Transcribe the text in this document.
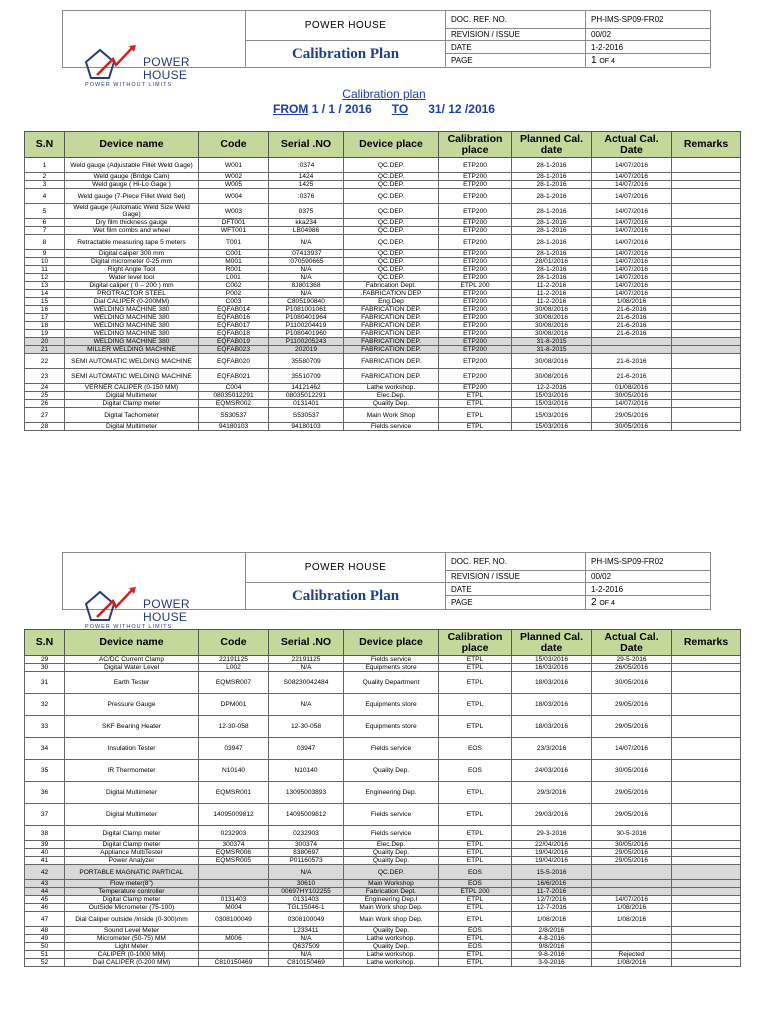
POWER
HOUSE
POWER WITHOUT LIMITS	POWER HOUSE	DOC. REF. NO.	PH-IMS-SP09-FR02
		REVISION / ISSUE	00/02
	Calibration Plan	DATE	1-2-2016
		PAGE	1 OF 4
Calibration plan
FROM 1 / 1 / 2016 TO 31/ 12 /2016
S.N	Device name	Code	Serial .NO	Device place	Calibration place	Planned Cal. date	Actual Cal. Date	Remarks
1	Weld gauge (Adjustable Fillet Weld Gage)	W001	:0374	QC.DEP.	ETP200	28-1-2016	14/07/2016	
2	Weld gauge (Bridge Cam)	W002	1424	QC.DEP.	ETP200	28-1-2016	14/07/2016	
3	Weld gauge ( Hi-Lo Gage )	W005	1425	QC.DEP.	ETP200	28-1-2016	14/07/2016	
4	Weld gauge (7-Piece Fillet Weld Set)	W004	:0376	QC.DEP.	ETP200	28-1-2016	14/07/2016	
5	Weld gauge (Automatic Weld Size Weld Gage)	W003	0375	QC.DEP.	ETP200	28-1-2016	14/07/2016	
6	Dry film thickness gauge	DFT001	kka234	QC.DEP.	ETP200	28-1-2016	14/07/2016	
7	Wet film combs and wheel	WFT001	LB04986	QC.DEP.	ETP200	28-1-2016	14/07/2016	
8	Retractable measuring tape 5 meters	T001	N/A	QC.DEP.	ETP200	28-1-2016	14/07/2016	
9	Digital caliper 300 mm	C001	:07413937	QC.DEP.	ETP200	28-1-2016	14/07/2016	
10	Digital micrometer 0-25 mm	M001	:070590665	QC.DEP.	ETP200	28/01/2016	14/07/2016	
11	Right Angle Tool	R001	N/A	QC.DEP.	ETP200	28-1-2016	14/07/2016	
12	Water level tool	L001	N/A	QC.DEP.	ETP200	28-1-2016	14/07/2016	
13	Digital caliper ( 0 – 200 ) mm	C002	8J801368	Fabrication Dept.	ETPL 200	11-2-2016	14/07/2016	
14	PROTRACTOR STEEL	P002	N/A	.FABRICATION DEP	ETP200	11-2-2016	14/07/2016	
15	Dial CALIPER (0-200MM)	C003	C805190840	Eng.Dep	ETP200	11-2-2016	1/08/2016	
16	WELDING MACHINE 380	EQFAB014	P1081001061	FABRICATION DEP.	ETP200	30/08/2016	21-6-2016	
17	WELDING MACHINE 380	EQFAB016	P1080401964	FABRICATION DEP.	ETP200	30/08/2016	21-6-2016	
18	WELDING MACHINE 380	EQFAB017	P1100204419	FABRICATION DEP.	ETP200	30/08/2016	21-6-2016	
19	WELDING MACHINE 380	EQFAB018	P1080401960	FABRICATION DEP.	ETP200	30/08/2016	21-6-2016	
20	WELDING MACHINE 380	EQFAB019	P1100205243	FABRICATION DEP.	ETP200	31-8-2015		
21	MILLER WELDING MACHINE	EQFAB023	202019	FABRICATION DEP.	ETP200	31-8-2015		
22	SEMI AUTOMATIC WELDING MACHINE	EQFAB020	35580709	FABRICATION DEP.	ETP200	30/08/2016	21-6-2016	
23	SEMI AUTOMATIC WELDING MACHINE	EQFAB021	35510709	FABRICATION DEP.	ETP200	30/08/2016	21-6-2016	
24	VERNER CALIPER (0-150 MM)	C004	14121462	Lathe workshop.	ETP200	12-2-2016	01/08/2016	
25	Digital Multimeter	08035012291	08035012291	Elec.Dep.	ETPL	15/03/2016	30/05/2016	
26	Digital Clamp meter	EQMSR002	0131401	Quality Dep.	ETPL	15/03/2016	14/07/2016	
27	Digital Tachometer	S530537	S530537	Main Work Shop	ETPL	15/03/2016	29/05/2016	
28	Digital Multimeter	94180103	94180103	Fields service	ETPL	15/03/2016	30/05/2016	
POWER
HOUSE
POWER WITHOUT LIMITS	POWER HOUSE	DOC. REF. NO.	PH-IMS-SP09-FR02
		REVISION / ISSUE	00/02
	Calibration Plan	DATE	1-2-2016
		PAGE	2 OF 4
S.N	Device name	Code	Serial .NO	Device place	Calibration place	Planned Cal. date	Actual Cal. Date	Remarks
29	AC/DC Current Clamp	22191125	22191125	Fields service	ETPL	15/03/2016	29-5-2016	
30	Digital Water Level	L002	N/A	Equipments store	ETPL	16/03/2016	26/05/2016	
31	Earth Tester	EQMSR007	S08230042484	Quality Department	ETPL	18/03/2016	30/05/2016	
32	Pressure Gauge	DPM001	N/A	Equipments store	ETPL	18/03/2016	29/05/2016	
33	SKF Bearing Heater	12-30-058	12-30-058	Equipments store	ETPL	18/03/2016	29/05/2016	
34	Insulation Tester	03947	03947	Fields service	EOS	23/3/2016	14/07/2016	
35	IR Thermometer	N10140	N10140	Quality Dep.	EOS	24/03/2016	30/05/2016	
36	Digital Multimeter	EQMSR001	13095003893	Engineering Dep.	ETPL	29/3/2016	29/05/2016	
37	Digital Multimeter	14095009812	14095009812	Fields service	ETPL	29/03/2016	29/05/2016	
38	Digital Clamp meter	0232903	0232903	Fields service	ETPL	29-3-2016	30-5-2016	
39	Digital Clamp meter	300374	300374	Elec.Dep.	ETPL	22/04/2016	30/05/2016	
40	Appliance MultiTester	EQMSR006	8380697	Quality Dep.	ETPL	19/04/2016	29/05/2016	
41	Power Analyzer	EQMSR005	P01160573	Quality Dep.	ETPL	19/04/2016	29/05/2016	
42	PORTABLE MAGNATIC PARTICAL		N/A	QC.DEP.	EOS	15-5-2016		
43	Flow meter(8")		30610	Main Workshop	EOS	16/6/2016		
44	Temperature controller		00697HY102255	Fabrication Dept.	ETPL 200	11-7-2016		
45	Digital Clamp meter	0131403	0131403	Engineering Dep.I	ETPL	12/7/2016	14/07/2016	
46	OutSide Micrometer (75-100)	M004	TGL15046-1	Main Work shop Dep.	ETPL	12-7-2016	1/08/2016	
47	Dial Caliper outside /Ιnside (0-300)mm	0308100049	0308100049	Main Work shop Dep.	ETPL	1/08/2016	1/08/2016	
48	Sound Level Meter		L233411	Quality Dep.	EOS	2/8/2016		
49	Micrometer (50-75) MM	M006	N/A	Lathe workshop.	ETPL	4-8-2016		
50	Light Meter		Q637509	Quality Dep.	EOS	9/8/2016		
51	CALIPER (0-1000 MM)		N/A	Lathe workshop.	ETPL	9-8-2016	Rejected	
52	Dail CALIPER (0-200 MM)	C810150469	C810150469	Lathe workshop.	ETPL	3-9-2016	1/08/2016	
